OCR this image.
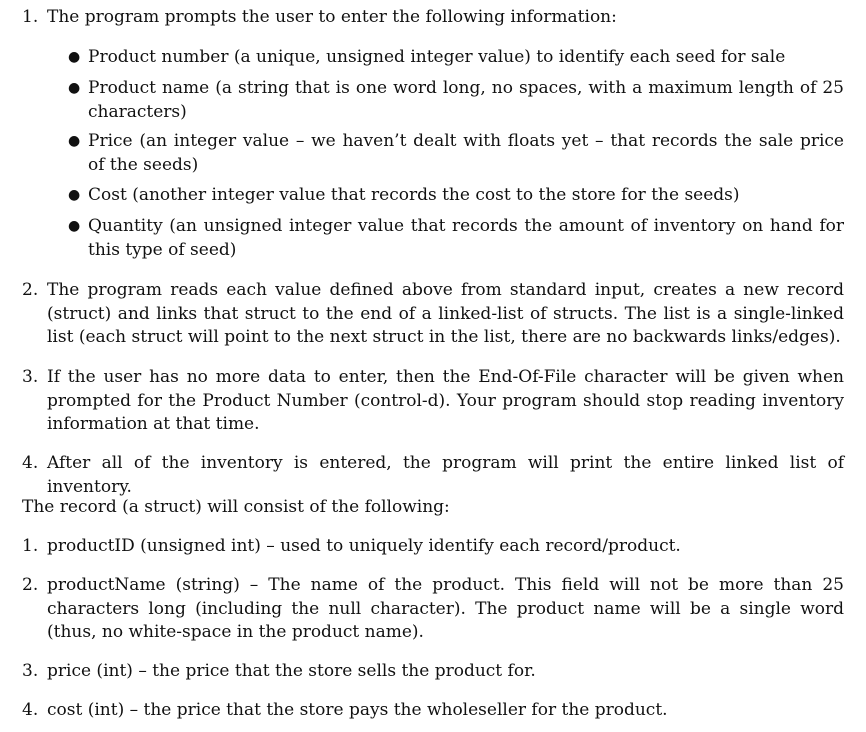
1. The program prompts the user to enter the following information:
● Product number (a unique, unsigned integer value) to identify each seed for sale
● Product name (a string that is one word long, no spaces, with a maximum length of 25 characters)
● Price (an integer value – we haven’t dealt with floats yet – that records the sale price of the seeds)
● Cost (another integer value that records the cost to the store for the seeds)
● Quantity (an unsigned integer value that records the amount of inventory on hand for this type of seed)
2. The program reads each value defined above from standard input, creates a new record (struct) and links that struct to the end of a linked-list of structs. The list is a single-linked list (each struct will point to the next struct in the list, there are no backwards links/edges).
3. If the user has no more data to enter, then the End-Of-File character will be given when prompted for the Product Number (control-d). Your program should stop reading inventory information at that time.
4. After all of the inventory is entered, the program will print the entire linked list of inventory.

The record (a struct) will consist of the following:

1. productID (unsigned int) – used to uniquely identify each record/product.
2. productName (string) – The name of the product. This field will not be more than 25 characters long (including the null character). The product name will be a single word (thus, no white-space in the product name).
3. price (int) – the price that the store sells the product for.
4. cost (int) – the price that the store pays the wholeseller for the product.
